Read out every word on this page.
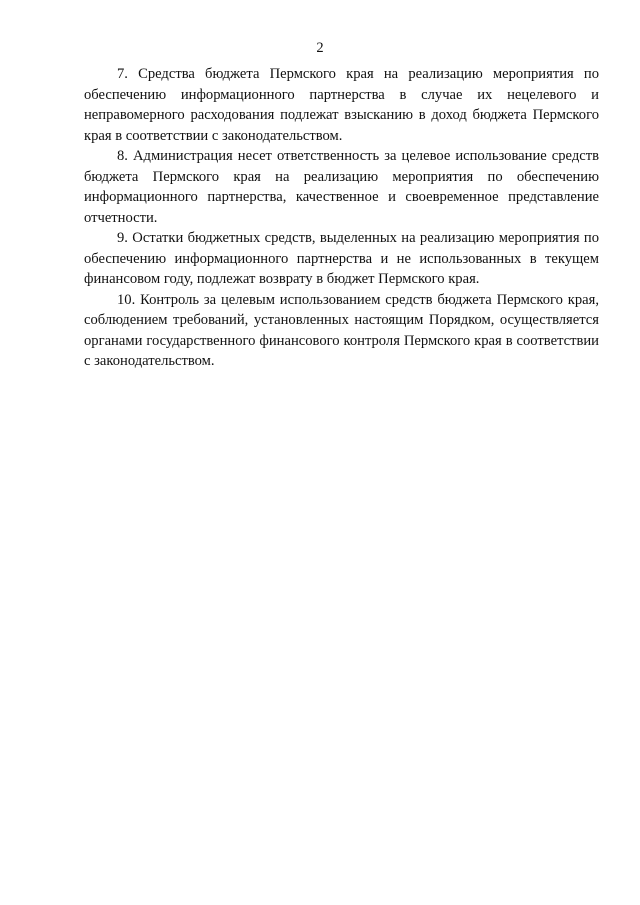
2

7. Средства бюджета Пермского края на реализацию мероприятия по обеспечению информационного партнерства в случае их нецелевого и неправомерного расходования подлежат взысканию в доход бюджета Пермского края в соответствии с законодательством.

8. Администрация несет ответственность за целевое использование средств бюджета Пермского края на реализацию мероприятия по обеспечению информационного партнерства, качественное и своевременное представление отчетности.

9. Остатки бюджетных средств, выделенных на реализацию мероприятия по обеспечению информационного партнерства и не использованных в текущем финансовом году, подлежат возврату в бюджет Пермского края.

10. Контроль за целевым использованием средств бюджета Пермского края, соблюдением требований, установленных настоящим Порядком, осуществляется органами государственного финансового контроля Пермского края в соответствии с законодательством.
